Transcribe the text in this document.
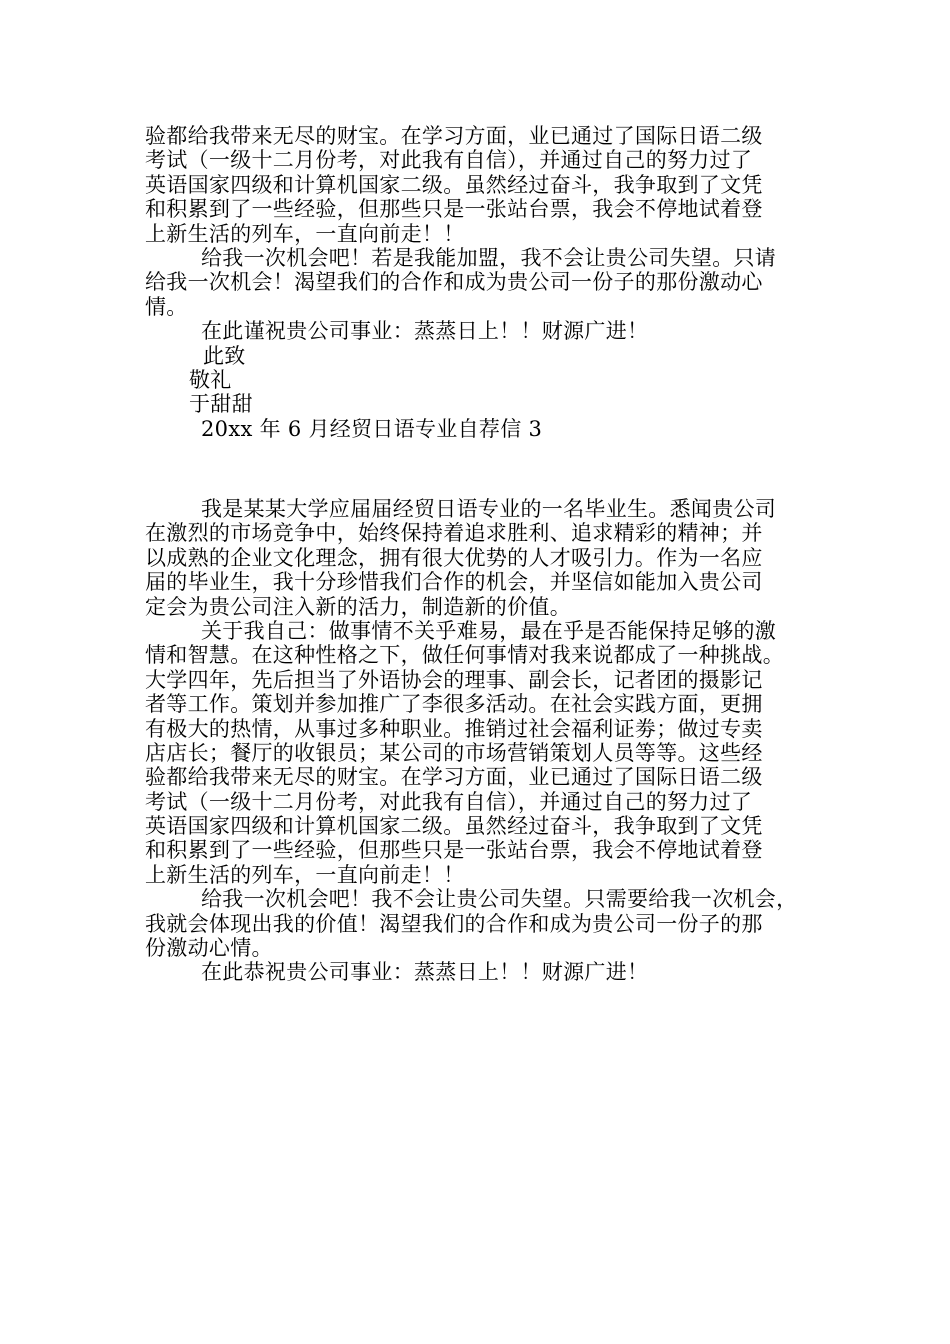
验都给我带来无尽的财宝。在学习方面，业已通过了国际日语二级
考试（一级十二月份考，对此我有自信），并通过自己的努力过了
英语国家四级和计算机国家二级。虽然经过奋斗，我争取到了文凭
和积累到了一些经验，但那些只是一张站台票，我会不停地试着登
上新生活的列车，一直向前走！！
给我一次机会吧！若是我能加盟，我不会让贵公司失望。只请
给我一次机会！渴望我们的合作和成为贵公司一份子的那份激动心
情。
在此谨祝贵公司事业：蒸蒸日上！！财源广进！
此致
敬礼
于甜甜
20xx 年 6 月经贸日语专业自荐信 3
我是某某大学应届届经贸日语专业的一名毕业生。悉闻贵公司
在激烈的市场竞争中，始终保持着追求胜利、追求精彩的精神；并
以成熟的企业文化理念，拥有很大优势的人才吸引力。作为一名应
届的毕业生，我十分珍惜我们合作的机会，并坚信如能加入贵公司
定会为贵公司注入新的活力，制造新的价值。
关于我自己：做事情不关乎难易，最在乎是否能保持足够的激
情和智慧。在这种性格之下，做任何事情对我来说都成了一种挑战。
大学四年，先后担当了外语协会的理事、副会长，记者团的摄影记
者等工作。策划并参加推广了李很多活动。在社会实践方面，更拥
有极大的热情，从事过多种职业。推销过社会福利证劵；做过专卖
店店长；餐厅的收银员；某公司的市场营销策划人员等等。这些经
验都给我带来无尽的财宝。在学习方面，业已通过了国际日语二级
考试（一级十二月份考，对此我有自信），并通过自己的努力过了
英语国家四级和计算机国家二级。虽然经过奋斗，我争取到了文凭
和积累到了一些经验，但那些只是一张站台票，我会不停地试着登
上新生活的列车，一直向前走！！
给我一次机会吧！我不会让贵公司失望。只需要给我一次机会，
我就会体现出我的价值！渴望我们的合作和成为贵公司一份子的那
份激动心情。
在此恭祝贵公司事业：蒸蒸日上！！财源广进！
